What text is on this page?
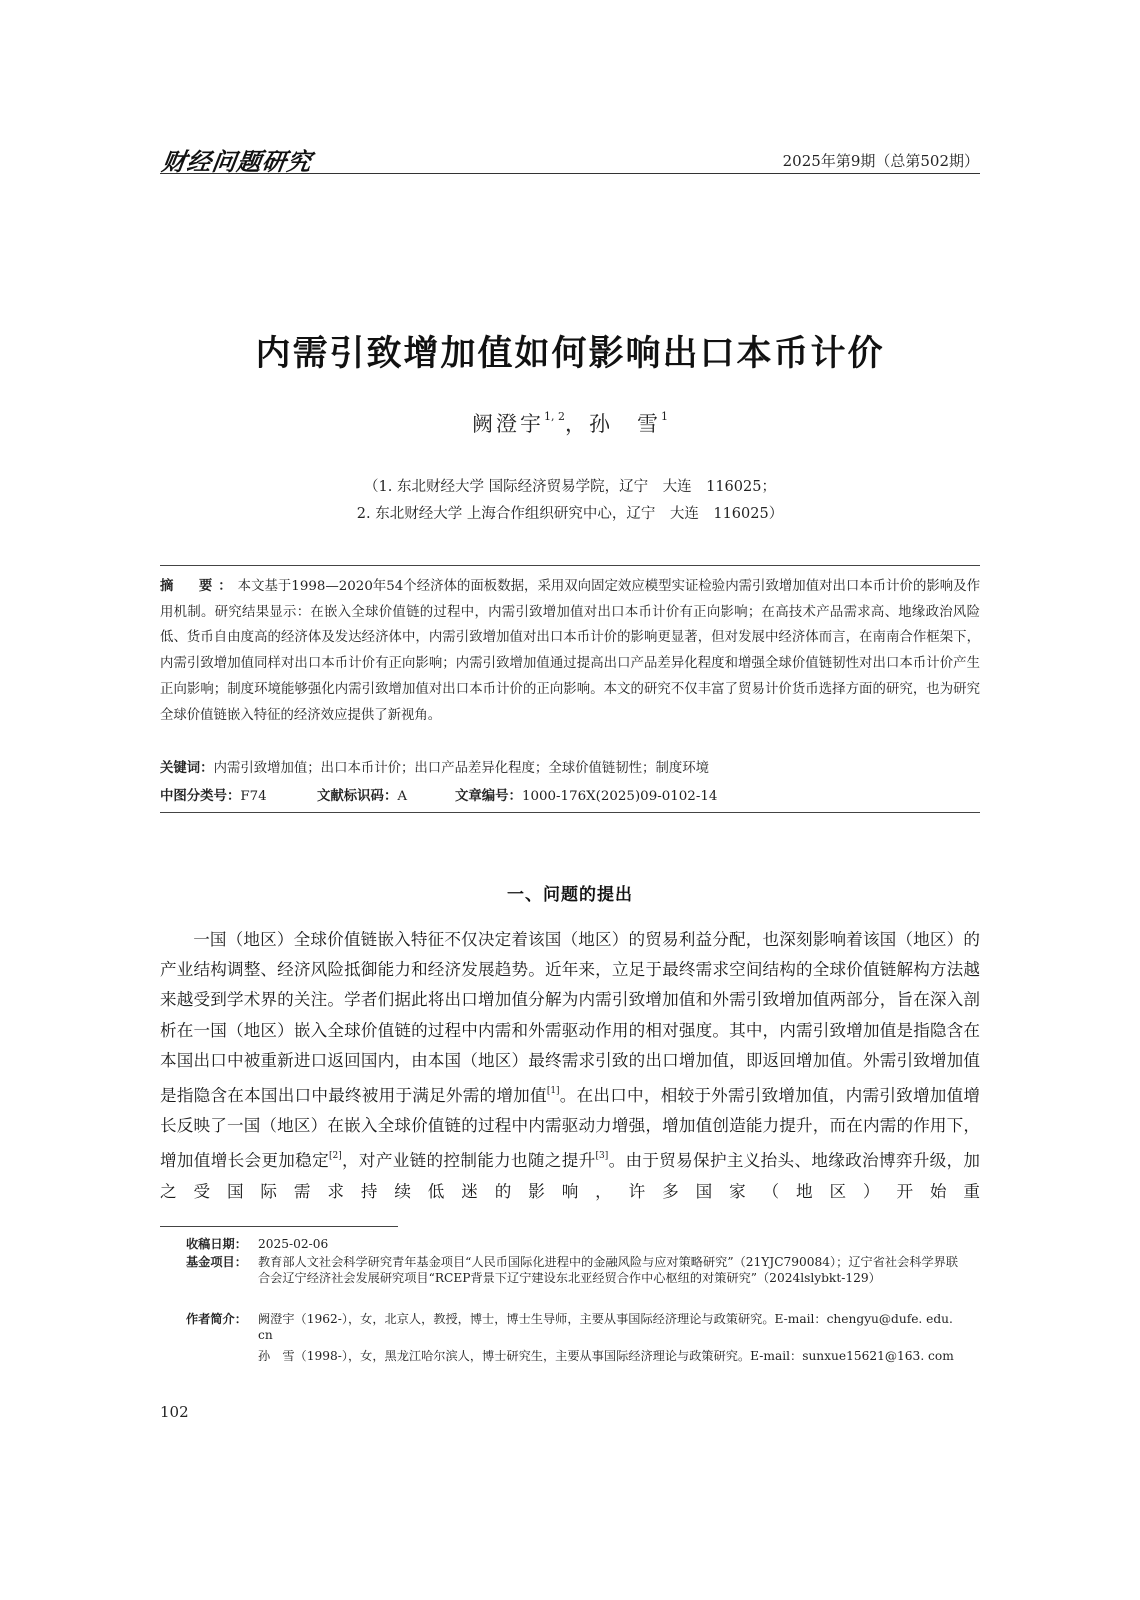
财经问题研究	2025年第9期（总第502期）
内需引致增加值如何影响出口本币计价
阙澄宇$^{1, 2}$，孙　雪$^1$
（1. 东北财经大学 国际经济贸易学院，辽宁　大连　116025；
2. 东北财经大学 上海合作组织研究中心，辽宁　大连　116025）
摘　要：本文基于1998—2020年54个经济体的面板数据，采用双向固定效应模型实证检验内需引致增加值对出口本币计价的影响及作用机制。研究结果显示：在嵌入全球价值链的过程中，内需引致增加值对出口本币计价有正向影响；在高技术产品需求高、地缘政治风险低、货币自由度高的经济体及发达经济体中，内需引致增加值对出口本币计价的影响更显著，但对发展中经济体而言，在南南合作框架下，内需引致增加值同样对出口本币计价有正向影响；内需引致增加值通过提高出口产品差异化程度和增强全球价值链韧性对出口本币计价产生正向影响；制度环境能够强化内需引致增加值对出口本币计价的正向影响。本文的研究不仅丰富了贸易计价货币选择方面的研究，也为研究全球价值链嵌入特征的经济效应提供了新视角。
关键词：内需引致增加值；出口本币计价；出口产品差异化程度；全球价值链韧性；制度环境
中图分类号：F74	文献标识码：A	文章编号：1000-176X(2025)09-0102-14
一、问题的提出

一国（地区）全球价值链嵌入特征不仅决定着该国（地区）的贸易利益分配，也深刻影响着该国（地区）的产业结构调整、经济风险抵御能力和经济发展趋势。近年来，立足于最终需求空间结构的全球价值链解构方法越来越受到学术界的关注。学者们据此将出口增加值分解为内需引致增加值和外需引致增加值两部分，旨在深入剖析在一国（地区）嵌入全球价值链的过程中内需和外需驱动作用的相对强度。其中，内需引致增加值是指隐含在本国出口中被重新进口返回国内，由本国（地区）最终需求引致的出口增加值，即返回增加值。外需引致增加值是指隐含在本国出口中最终被用于满足外需的增加值[1]。在出口中，相较于外需引致增加值，内需引致增加值增长反映了一国（地区）在嵌入全球价值链的过程中内需驱动力增强，增加值创造能力提升，而在内需的作用下，增加值增长会更加稳定[2]，对产业链的控制能力也随之提升[3]。由于贸易保护主义抬头、地缘政治博弈升级，加之受国际需求持续低迷的影响，许多国家（地区）开始重

收稿日期： 2025-02-06
基金项目： 教育部人文社会科学研究青年基金项目“人民币国际化进程中的金融风险与应对策略研究”（21YJC790084）；辽宁省社会科学界联合会辽宁经济社会发展研究项目“RCEP背景下辽宁建设东北亚经贸合作中心枢纽的对策研究”（2024lslybkt-129）
作者简介： 阙澄宇（1962-），女，北京人，教授，博士，博士生导师，主要从事国际经济理论与政策研究。E-mail：chengyu@dufe. edu. cn
孙　雪（1998-），女，黑龙江哈尔滨人，博士研究生，主要从事国际经济理论与政策研究。E-mail：sunxue15621@163. com
102
